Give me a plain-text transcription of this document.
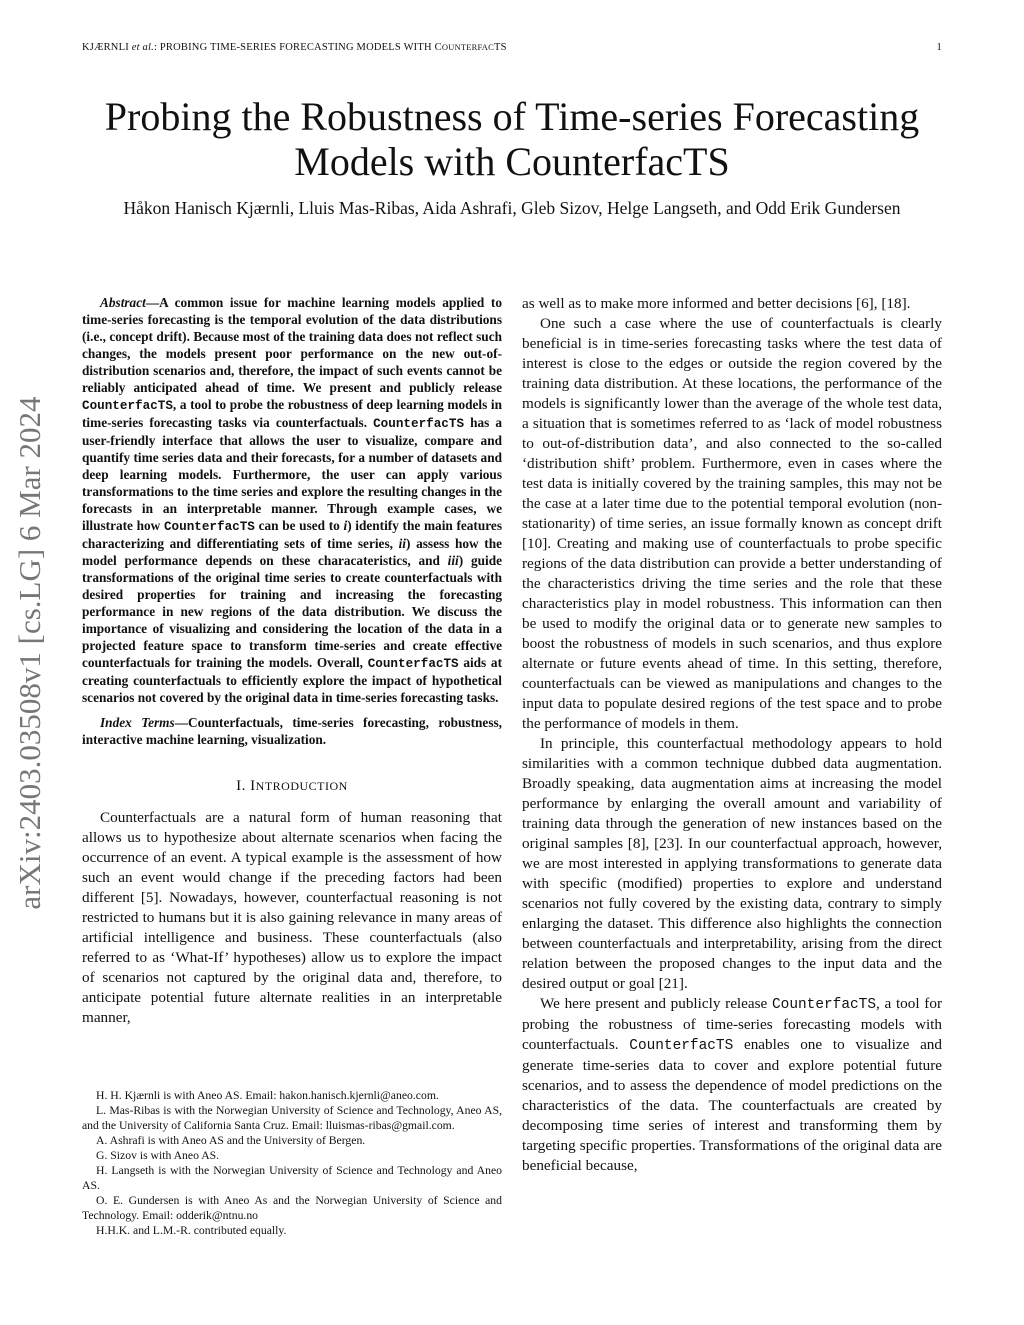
KJÆRNLI et al.: PROBING TIME-SERIES FORECASTING MODELS WITH COUNTERFACTS	1
arXiv:2403.03508v1 [cs.LG] 6 Mar 2024
Probing the Robustness of Time-series Forecasting Models with CounterfacTS
Håkon Hanisch Kjærnli, Lluis Mas-Ribas, Aida Ashrafi, Gleb Sizov, Helge Langseth, and Odd Erik Gundersen

Abstract—A common issue for machine learning models applied to time-series forecasting is the temporal evolution of the data distributions (i.e., concept drift). Because most of the training data does not reflect such changes, the models present poor performance on the new out-of-distribution scenarios and, therefore, the impact of such events cannot be reliably anticipated ahead of time. We present and publicly release CounterfacTS, a tool to probe the robustness of deep learning models in time-series forecasting tasks via counterfactuals. CounterfacTS has a user-friendly interface that allows the user to visualize, compare and quantify time series data and their forecasts, for a number of datasets and deep learning models. Furthermore, the user can apply various transformations to the time series and explore the resulting changes in the forecasts in an interpretable manner. Through example cases, we illustrate how CounterfacTS can be used to i) identify the main features characterizing and differentiating sets of time series, ii) assess how the model performance depends on these characateristics, and iii) guide transformations of the original time series to create counterfactuals with desired properties for training and increasing the forecasting performance in new regions of the data distribution. We discuss the importance of visualizing and considering the location of the data in a projected feature space to transform time-series and create effective counterfactuals for training the models. Overall, CounterfacTS aids at creating counterfactuals to efficiently explore the impact of hypothetical scenarios not covered by the original data in time-series forecasting tasks.

Index Terms—Counterfactuals, time-series forecasting, robustness, interactive machine learning, visualization.

I. INTRODUCTION

Counterfactuals are a natural form of human reasoning that allows us to hypothesize about alternate scenarios when facing the occurrence of an event. A typical example is the assessment of how such an event would change if the preceding factors had been different [5]. Nowadays, however, counterfactual reasoning is not restricted to humans but it is also gaining relevance in many areas of artificial intelligence and business. These counterfactuals (also referred to as ‘What-If’ hypotheses) allow us to explore the impact of scenarios not captured by the original data and, therefore, to anticipate potential future alternate realities in an interpretable manner,

as well as to make more informed and better decisions [6], [18].

One such a case where the use of counterfactuals is clearly beneficial is in time-series forecasting tasks where the test data of interest is close to the edges or outside the region covered by the training data distribution. At these locations, the performance of the models is significantly lower than the average of the whole test data, a situation that is sometimes referred to as ‘lack of model robustness to out-of-distribution data’, and also connected to the so-called ‘distribution shift’ problem. Furthermore, even in cases where the test data is initially covered by the training samples, this may not be the case at a later time due to the potential temporal evolution (non-stationarity) of time series, an issue formally known as concept drift [10]. Creating and making use of counterfactuals to probe specific regions of the data distribution can provide a better understanding of the characteristics driving the time series and the role that these characteristics play in model robustness. This information can then be used to modify the original data or to generate new samples to boost the robustness of models in such scenarios, and thus explore alternate or future events ahead of time. In this setting, therefore, counterfactuals can be viewed as manipulations and changes to the input data to populate desired regions of the test space and to probe the performance of models in them.

In principle, this counterfactual methodology appears to hold similarities with a common technique dubbed data augmentation. Broadly speaking, data augmentation aims at increasing the model performance by enlarging the overall amount and variability of training data through the generation of new instances based on the original samples [8], [23]. In our counterfactual approach, however, we are most interested in applying transformations to generate data with specific (modified) properties to explore and understand scenarios not fully covered by the existing data, contrary to simply enlarging the dataset. This difference also highlights the connection between counterfactuals and interpretability, arising from the direct relation between the proposed changes to the input data and the desired output or goal [21].

We here present and publicly release CounterfacTS, a tool for probing the robustness of time-series forecasting models with counterfactuals. CounterfacTS enables one to visualize and generate time-series data to cover and explore potential future scenarios, and to assess the dependence of model predictions on the characteristics of the data. The counterfactuals are created by decomposing time series of interest and transforming them by targeting specific properties. Transformations of the original data are beneficial because,

H. H. Kjærnli is with Aneo AS. Email: hakon.hanisch.kjernli@aneo.com.

L. Mas-Ribas is with the Norwegian University of Science and Technology, Aneo AS, and the University of California Santa Cruz. Email: lluismas-ribas@gmail.com.

A. Ashrafi is with Aneo AS and the University of Bergen.

G. Sizov is with Aneo AS.

H. Langseth is with the Norwegian University of Science and Technology and Aneo AS.

O. E. Gundersen is with Aneo As and the Norwegian University of Science and Technology. Email: odderik@ntnu.no

H.H.K. and L.M.-R. contributed equally.
